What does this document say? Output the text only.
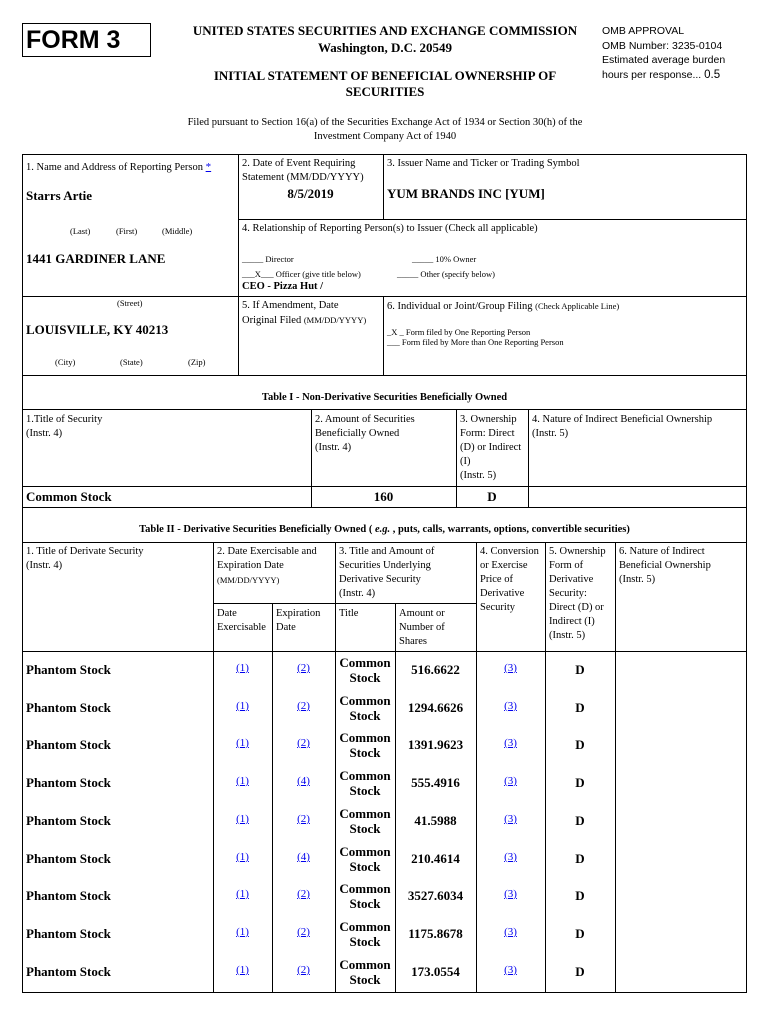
FORM 3	UNITED STATES SECURITIES AND EXCHANGE COMMISSION
Washington, D.C. 20549
INITIAL STATEMENT OF BENEFICIAL OWNERSHIP OF
SECURITIES
OMB APPROVAL
OMB Number: 3235-0104
Estimated average burden
hours per response... 0.5
Filed pursuant to Section 16(a) of the Securities Exchange Act of 1934 or Section 30(h) of the
Investment Company Act of 1940
1. Name and Address of Reporting Person *
Starrs Artie
(Last)	(First)	(Middle)
1441 GARDINER LANE
(Street)
LOUISVILLE, KY 40213
(City)	(State)	(Zip)
2. Date of Event Requiring
Statement (MM/DD/YYYY)
8/5/2019
3. Issuer Name and Ticker or Trading Symbol
YUM BRANDS INC [YUM]
4. Relationship of Reporting Person(s) to Issuer (Check all applicable)
_____ Director	_____ 10% Owner
___X___ Officer (give title below)	_____ Other (specify below)
CEO - Pizza Hut /
5. If Amendment, Date
Original Filed (MM/DD/YYYY)
6. Individual or Joint/Group Filing (Check Applicable Line)
_X _ Form filed by One Reporting Person
___ Form filed by More than One Reporting Person
Table I - Non-Derivative Securities Beneficially Owned
1.Title of Security
(Instr. 4)
2. Amount of Securities
Beneficially Owned
(Instr. 4)
3. Ownership
Form: Direct
(D) or Indirect
(I)
(Instr. 5)
4. Nature of Indirect Beneficial Ownership
(Instr. 5)
Common Stock	160	D
Table II - Derivative Securities Beneficially Owned ( e.g. , puts, calls, warrants, options, convertible securities)
1. Title of Derivate Security
(Instr. 4)
2. Date Exercisable and
Expiration Date
(MM/DD/YYYY)
Date
Exercisable
Expiration
Date
3. Title and Amount of
Securities Underlying
Derivative Security
(Instr. 4)
Title	Amount or
Number of
Shares
4. Conversion
or Exercise
Price of
Derivative
Security
5. Ownership
Form of
Derivative
Security:
Direct (D) or
Indirect (I)
(Instr. 5)
6. Nature of Indirect
Beneficial Ownership
(Instr. 5)
Phantom Stock	(1)	(2)	Common
Stock
516.6622	(3)	D
Phantom Stock	(1)	(2)	Common
Stock
1294.6626	(3)	D
Phantom Stock	(1)	(2)	Common
Stock
1391.9623	(3)	D
Phantom Stock	(1)	(4)	Common
Stock
555.4916	(3)	D
Phantom Stock	(1)	(2)	Common
Stock
41.5988	(3)	D
Phantom Stock	(1)	(4)	Common
Stock
210.4614	(3)	D
Phantom Stock	(1)	(2)	Common
Stock
3527.6034	(3)	D
Phantom Stock	(1)	(2)	Common
Stock
1175.8678	(3)	D
Phantom Stock	(1)	(2)	Common
Stock
173.0554	(3)	D
